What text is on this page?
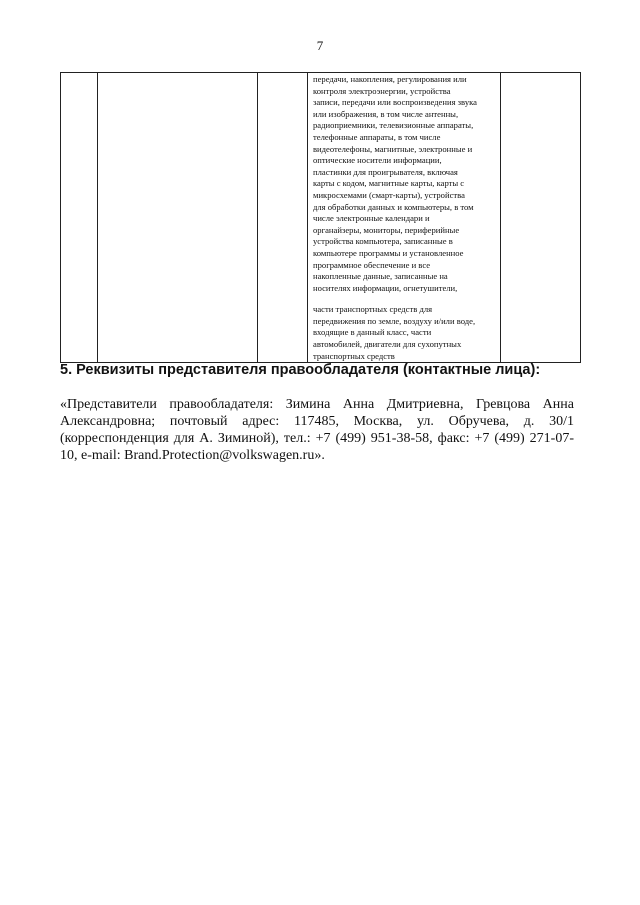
7

передачи, накопления, регулирования или

контроля электроэнергии, устройства

записи, передачи или воспроизведения звука

или изображения, в том числе антенны,

радиоприемники, телевизионные аппараты,

телефонные аппараты, в том числе

видеотелефоны, магнитные, электронные и

оптические носители информации,

пластинки для проигрывателя, включая

карты с кодом, магнитные карты, карты с

микросхемами (смарт-карты), устройства

для обработки данных и компьютеры, в том

числе электронные календари и

органайзеры, мониторы, периферийные

устройства компьютера, записанные в

компьютере программы и установленное

программное обеспечение и все

накопленные данные, записанные на

носителях информации, огнетушители,

части транспортных средств для

передвижения по земле, воздуху и/или воде,

входящие в данный класс, части

автомобилей, двигатели для сухопутных

транспортных средств

5. Реквизиты представителя правообладателя (контактные лица):
«Представители правообладателя: Зимина Анна Дмитриевна, Гревцова Анна Александровна; почтовый адрес: 117485, Москва, ул. Обручева, д. 30/1 (корреспонденция для А. Зиминой), тел.: +7 (499) 951-38-58, факс: +7 (499) 271-07-10, e-mail: Brand.Protection@volkswagen.ru».
